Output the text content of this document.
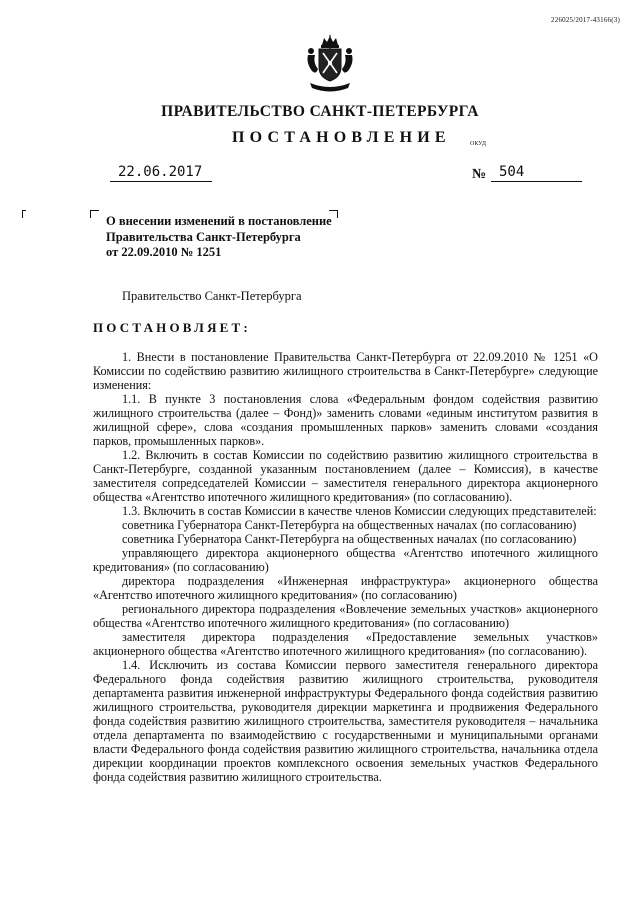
226025/2017-43166(3)
ПРАВИТЕЛЬСТВО САНКТ-ПЕТЕРБУРГА
ПОСТАНОВЛЕНИЕ	ОКУД
22.06.2017	№ 504
О внесении изменений в постановление
Правительства Санкт-Петербурга
от 22.09.2010 № 1251
Правительство Санкт-Петербурга
ПОСТАНОВЛЯЕТ:

1. Внести в постановление Правительства Санкт-Петербурга от 22.09.2010 № 1251 «О Комиссии по содействию развитию жилищного строительства в Санкт-Петербурге» следующие изменения:

1.1. В пункте 3 постановления слова «Федеральным фондом содействия развитию жилищного строительства (далее – Фонд)» заменить словами «единым институтом развития в жилищной сфере», слова «создания промышленных парков» заменить словами «создания парков, промышленных парков».

1.2. Включить в состав Комиссии по содействию развитию жилищного строительства в Санкт-Петербурге, созданной указанным постановлением (далее – Комиссия), в качестве заместителя сопредседателей Комиссии – заместителя генерального директора акционерного общества «Агентство ипотечного жилищного кредитования» (по согласованию).

1.3. Включить в состав Комиссии в качестве членов Комиссии следующих представителей:

советника Губернатора Санкт-Петербурга на общественных началах (по согласованию)

советника Губернатора Санкт-Петербурга на общественных началах (по согласованию)

управляющего директора акционерного общества «Агентство ипотечного жилищного кредитования» (по согласованию)

директора подразделения «Инженерная инфраструктура» акционерного общества «Агентство ипотечного жилищного кредитования» (по согласованию)

регионального директора подразделения «Вовлечение земельных участков» акционерного общества «Агентство ипотечного жилищного кредитования» (по согласованию)

заместителя директора подразделения «Предоставление земельных участков» акционерного общества «Агентство ипотечного жилищного кредитования» (по согласованию).

1.4. Исключить из состава Комиссии первого заместителя генерального директора Федерального фонда содействия развитию жилищного строительства, руководителя департамента развития инженерной инфраструктуры Федерального фонда содействия развитию жилищного строительства, руководителя дирекции маркетинга и продвижения Федерального фонда содействия развитию жилищного строительства, заместителя руководителя – начальника отдела департамента по взаимодействию с государственными и муниципальными органами власти Федерального фонда содействия развитию жилищного строительства, начальника отдела дирекции координации проектов комплексного освоения земельных участков Федерального фонда содействия развитию жилищного строительства.
